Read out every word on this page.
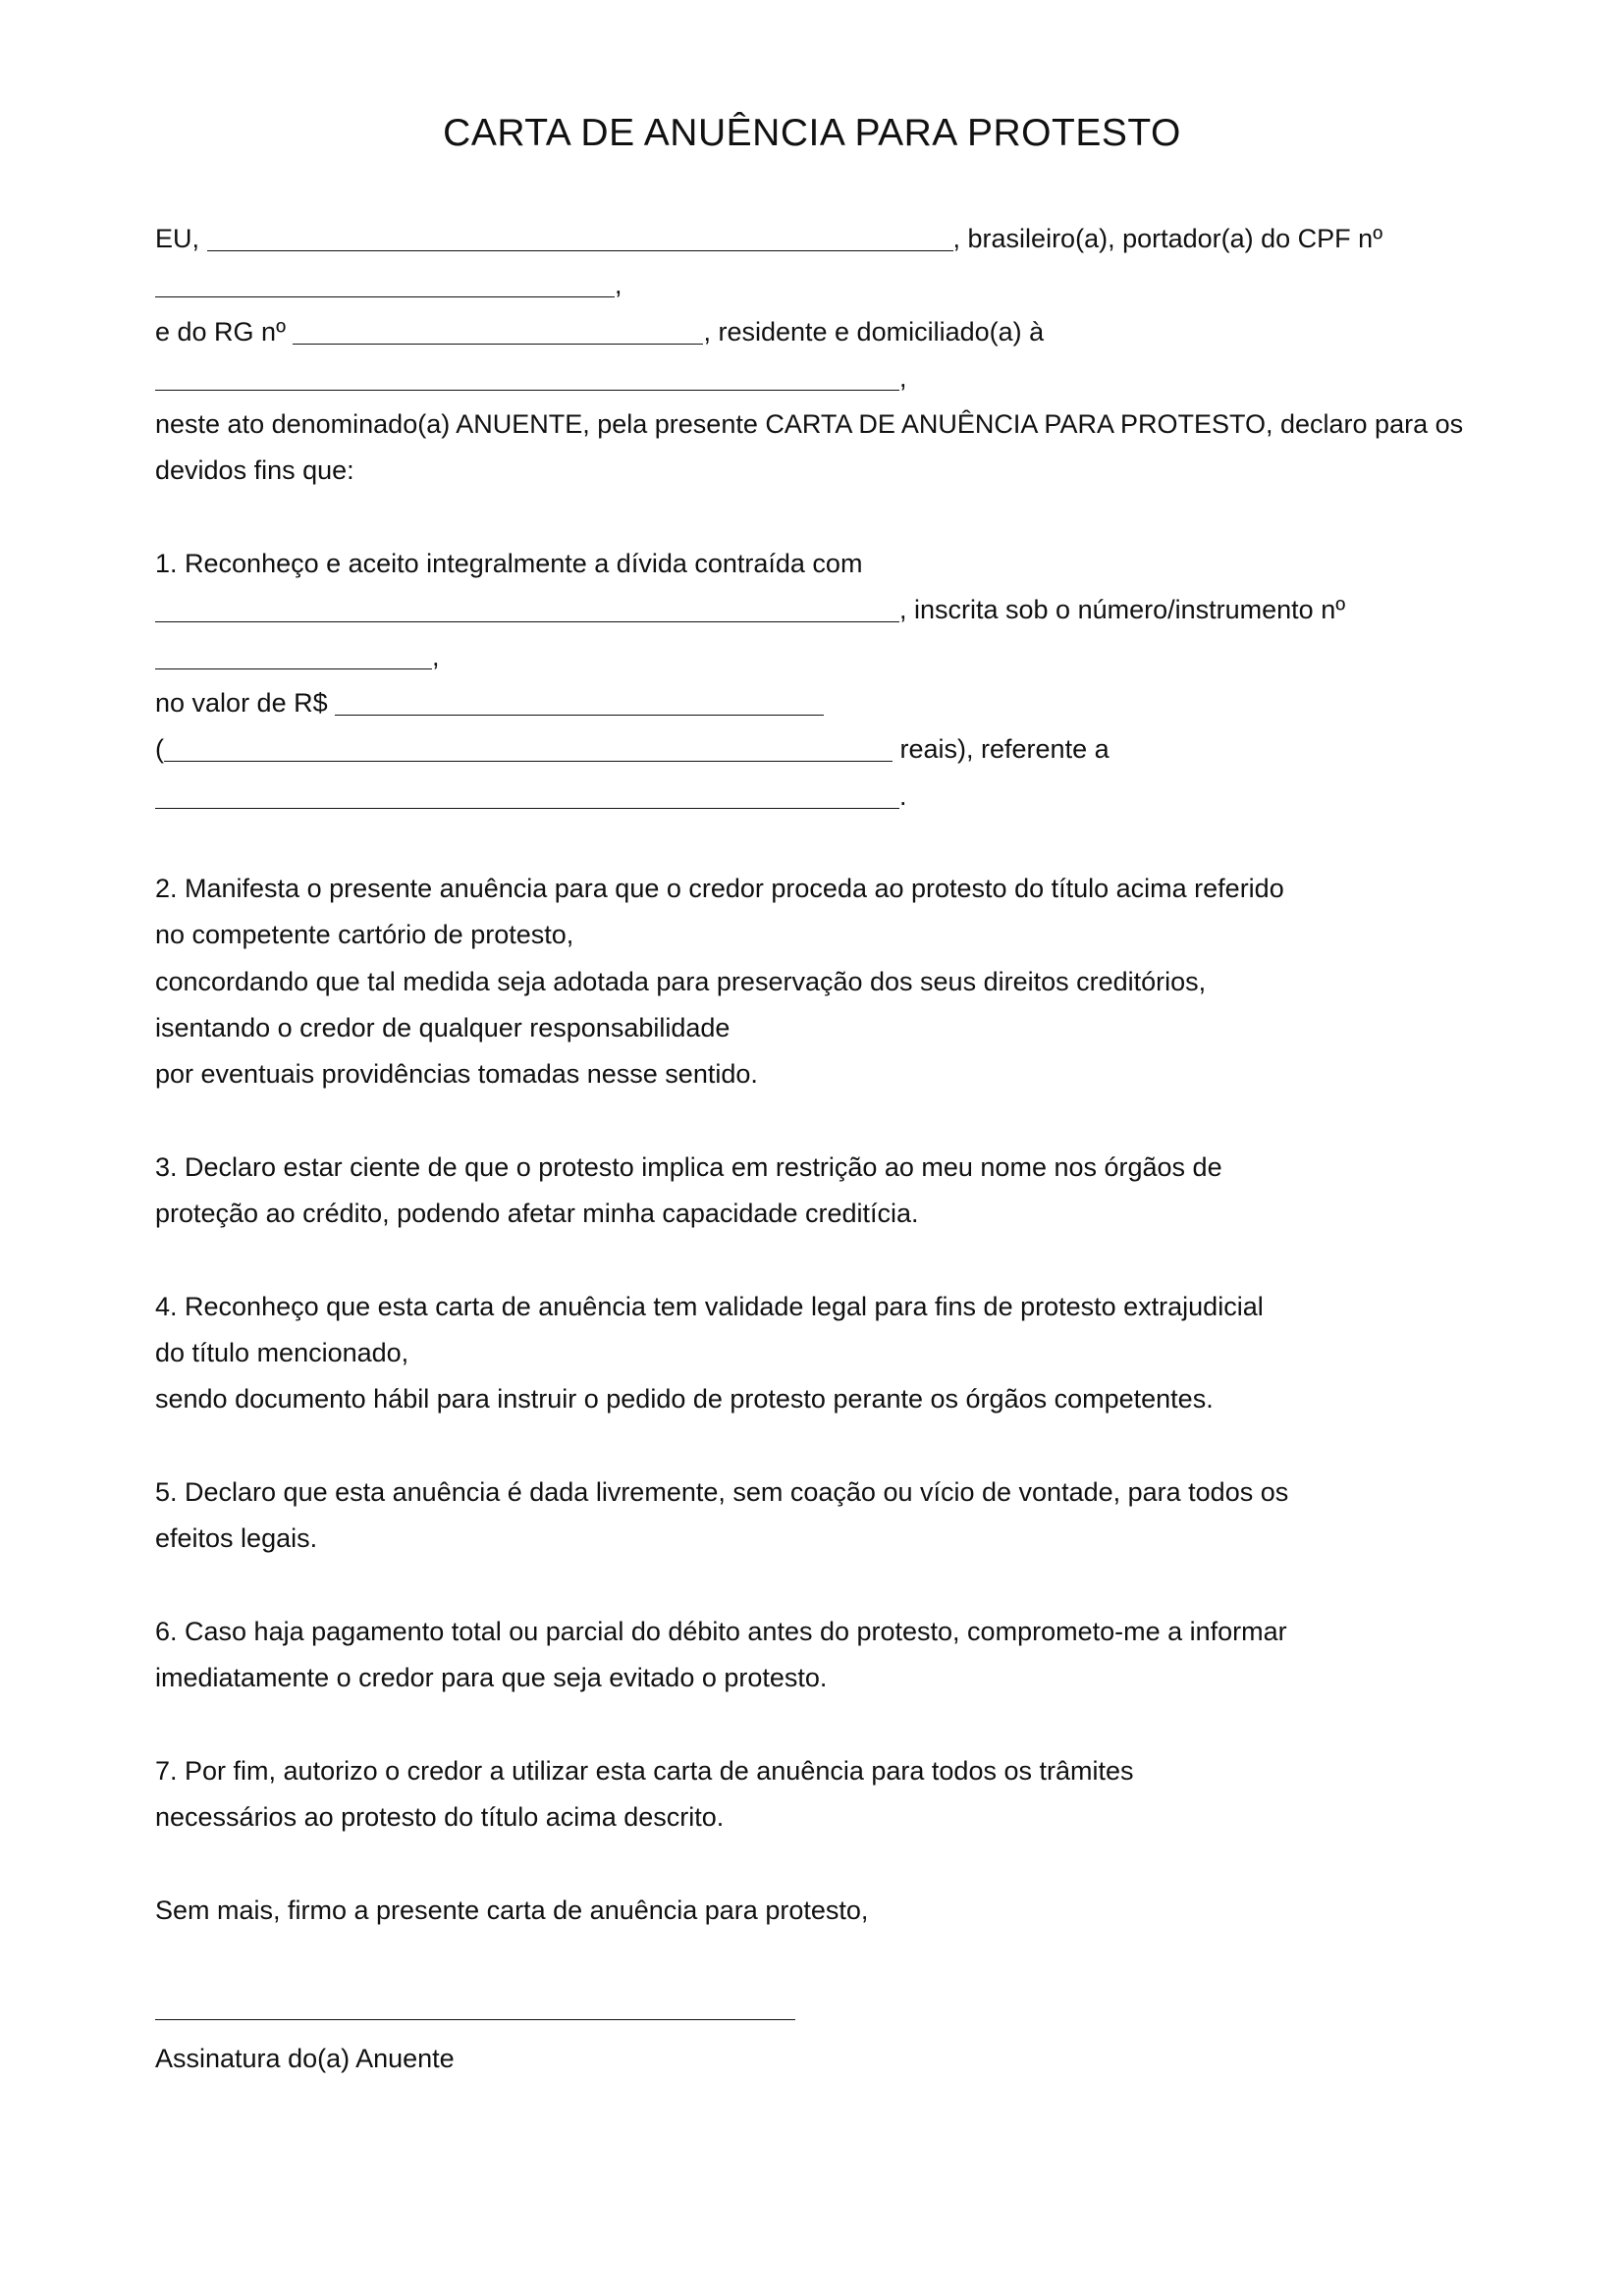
CARTA DE ANUÊNCIA PARA PROTESTO
EU,	, brasileiro(a), portador(a) do CPF nº
,
e do RG nº	, residente e domiciliado(a) à
,
neste ato denominado(a) ANUENTE, pela presente CARTA DE ANUÊNCIA PARA PROTESTO, declaro para os
devidos fins que:
1. Reconheço e aceito integralmente a dívida contraída com
, inscrita sob o número/instrumento nº
,
no valor de R$
(	reais), referente a
.
2. Manifesta o presente anuência para que o credor proceda ao protesto do título acima referido
no competente cartório de protesto,
concordando que tal medida seja adotada para preservação dos seus direitos creditórios,
isentando o credor de qualquer responsabilidade
por eventuais providências tomadas nesse sentido.
3. Declaro estar ciente de que o protesto implica em restrição ao meu nome nos órgãos de
proteção ao crédito, podendo afetar minha capacidade creditícia.
4. Reconheço que esta carta de anuência tem validade legal para fins de protesto extrajudicial
do título mencionado,
sendo documento hábil para instruir o pedido de protesto perante os órgãos competentes.
5. Declaro que esta anuência é dada livremente, sem coação ou vício de vontade, para todos os
efeitos legais.
6. Caso haja pagamento total ou parcial do débito antes do protesto, comprometo-me a informar
imediatamente o credor para que seja evitado o protesto.
7. Por fim, autorizo o credor a utilizar esta carta de anuência para todos os trâmites
necessários ao protesto do título acima descrito.
Sem mais, firmo a presente carta de anuência para protesto,
Assinatura do(a) Anuente
